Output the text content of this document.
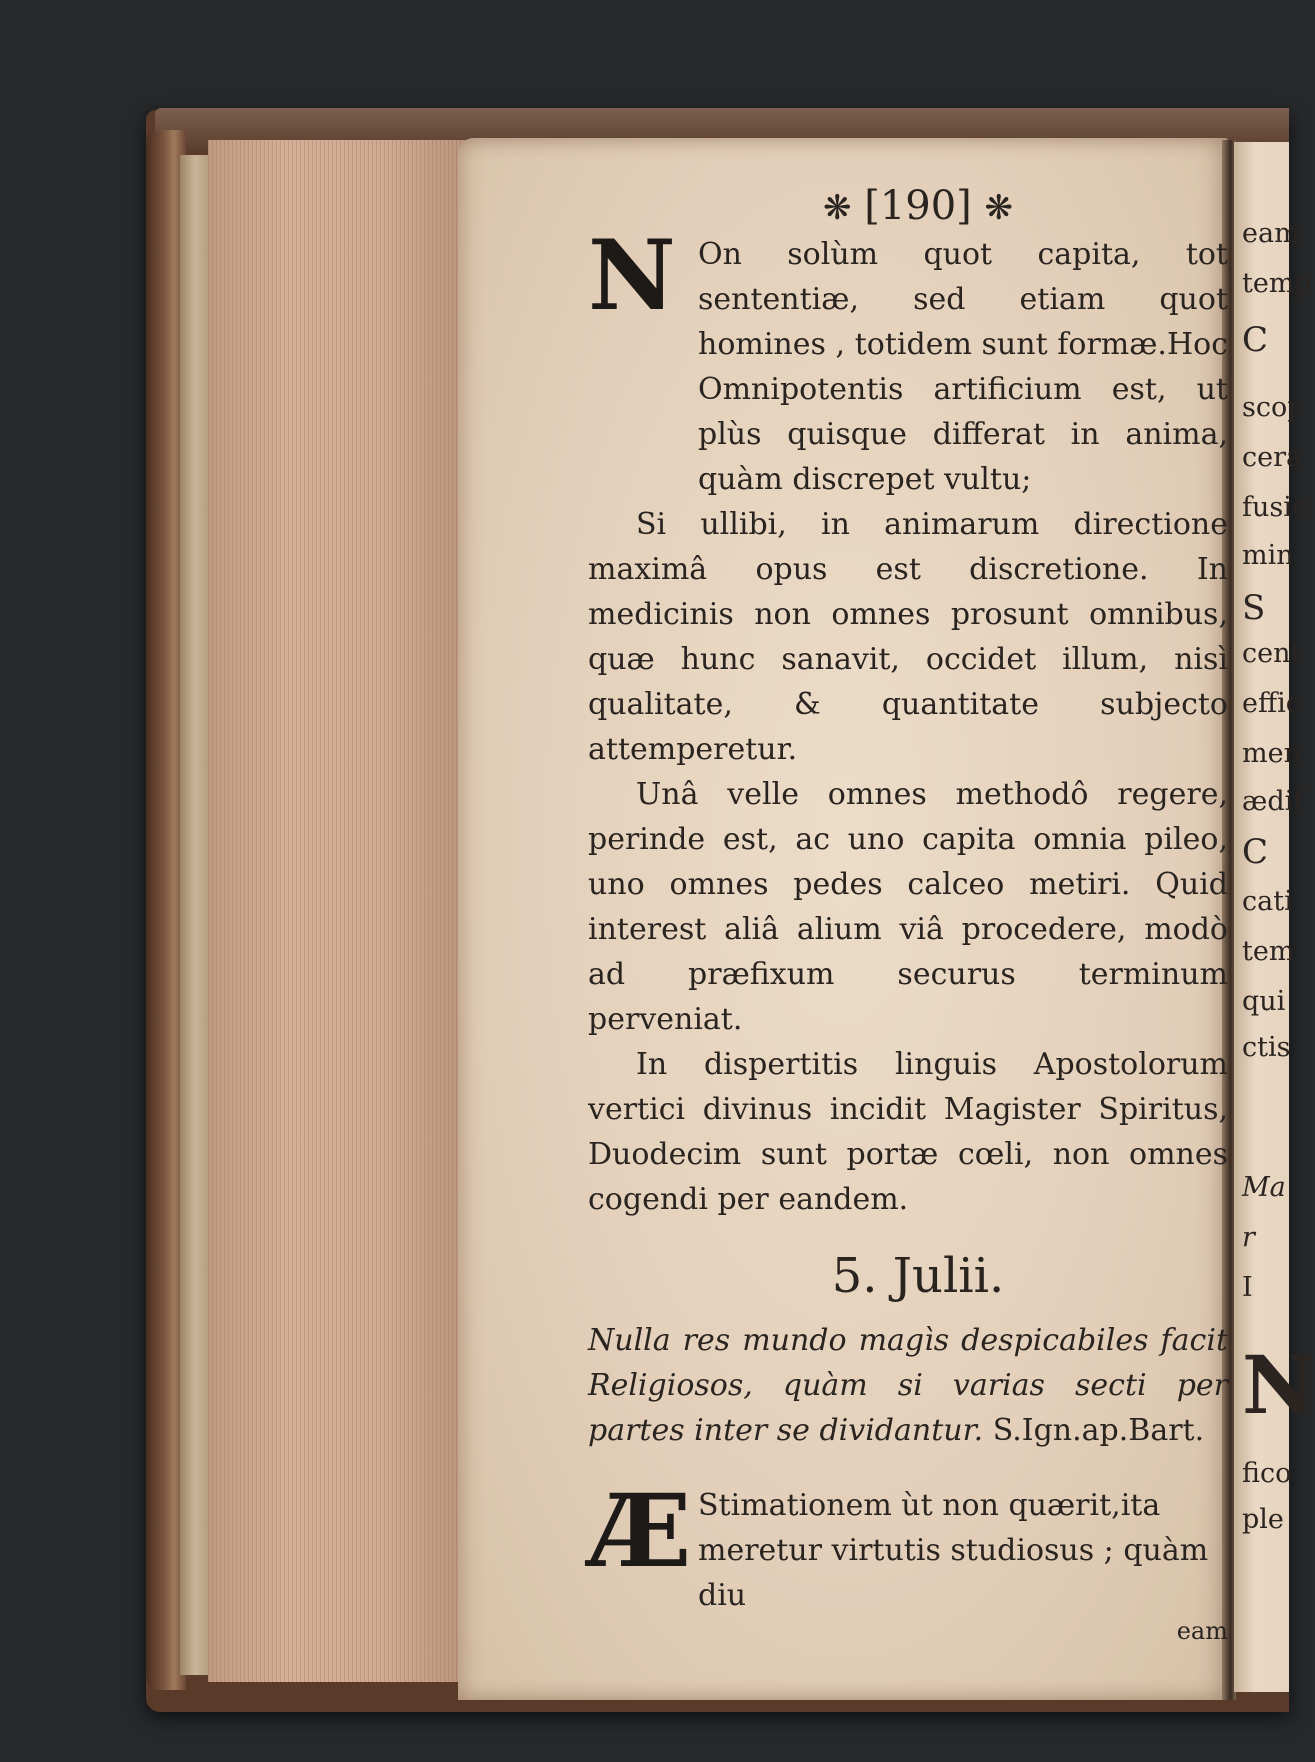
eam
temp
C
scop
cera
fusic
min
S
cent
effic
men
ædif
C
cati
tem
qui
ctis
Ma
r
I
N
fico
ple
❋ [190] ❋
N On solùm quot capita, tot sententiæ, sed etiam quot homines , totidem sunt formæ.Hoc Omnipotentis artificium est, ut plùs quisque differat in anima, quàm discrepet vultu;

Si ullibi, in animarum directione maximâ opus est discretione. In medicinis non omnes prosunt omnibus, quæ hunc sanavit, occidet illum, nisì qualitate, & quantitate subjecto attemperetur.

Unâ velle omnes methodô regere, perinde est, ac uno capita omnia pileo, uno omnes pedes calceo metiri. Quid interest aliâ alium viâ procedere, modò ad præfixum securus terminum perveniat.

In dispertitis linguis Apostolorum vertici divinus incidit Magister Spiritus, Duodecim sunt portæ cœli, non omnes cogendi per eandem.

5. Julii.
Nulla res mundo magìs despicabiles facit Religiosos, quàm si varias secti per partes inter se dividantur. S.Ign.ap.Bart.
Æ Stimationem ùt non quærit,ita meretur virtutis studiosus ; quàm diu
eam
